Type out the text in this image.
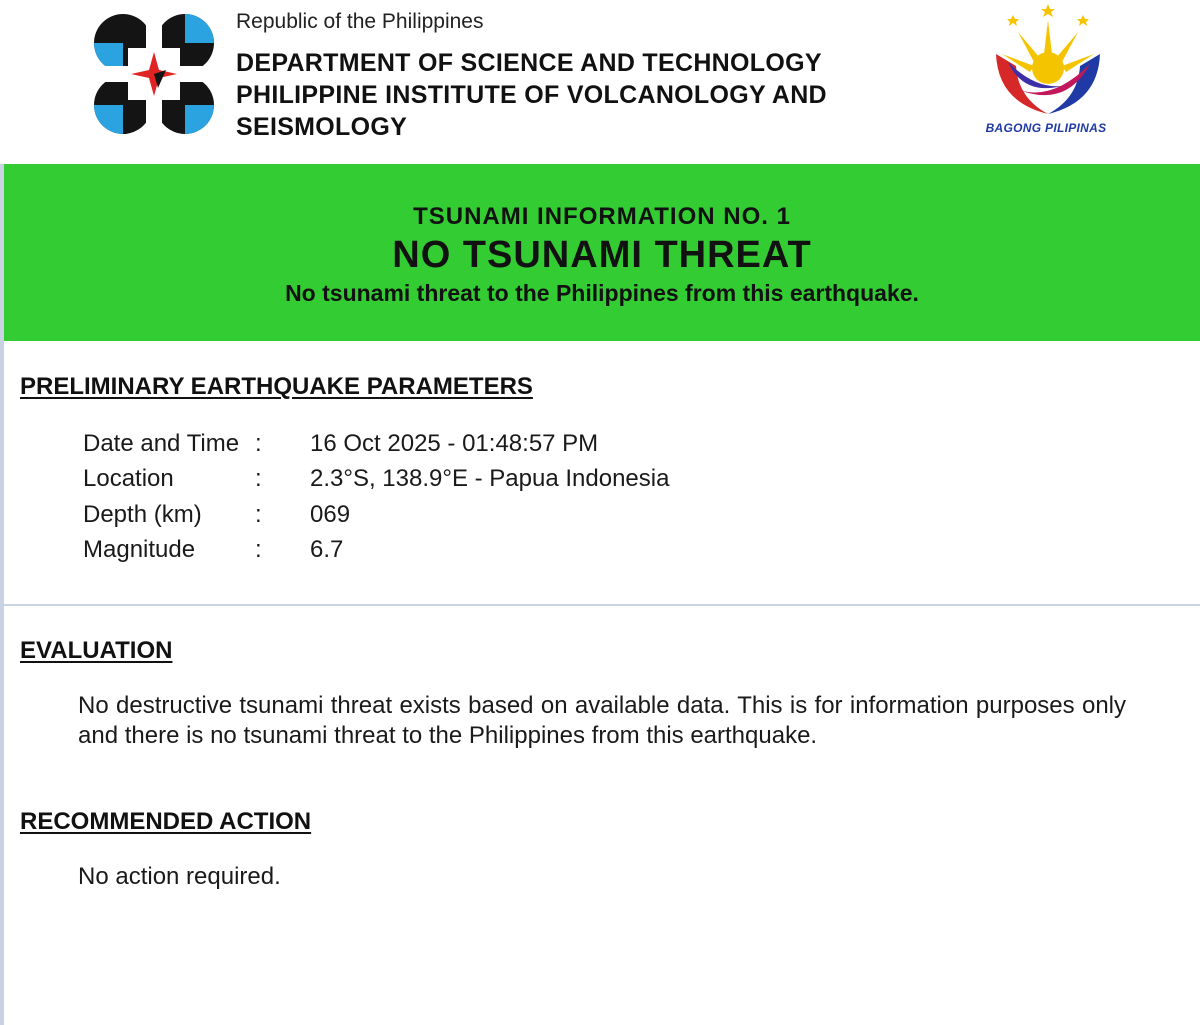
Republic of the Philippines
DEPARTMENT OF SCIENCE AND TECHNOLOGY
PHILIPPINE INSTITUTE OF VOLCANOLOGY AND
SEISMOLOGY	BAGONG PILIPINAS
TSUNAMI INFORMATION NO. 1
NO TSUNAMI THREAT
No tsunami threat to the Philippines from this earthquake.
PRELIMINARY EARTHQUAKE PARAMETERS
Date and Time : 16 Oct 2025 - 01:48:57 PM
Location	: 2.3°S, 138.9°E - Papua Indonesia
Depth (km) : 069
Magnitude : 6.7
EVALUATION
No destructive tsunami threat exists based on available data. This is for information purposes only and there is no tsunami threat to the Philippines from this earthquake.
RECOMMENDED ACTION
No action required.
